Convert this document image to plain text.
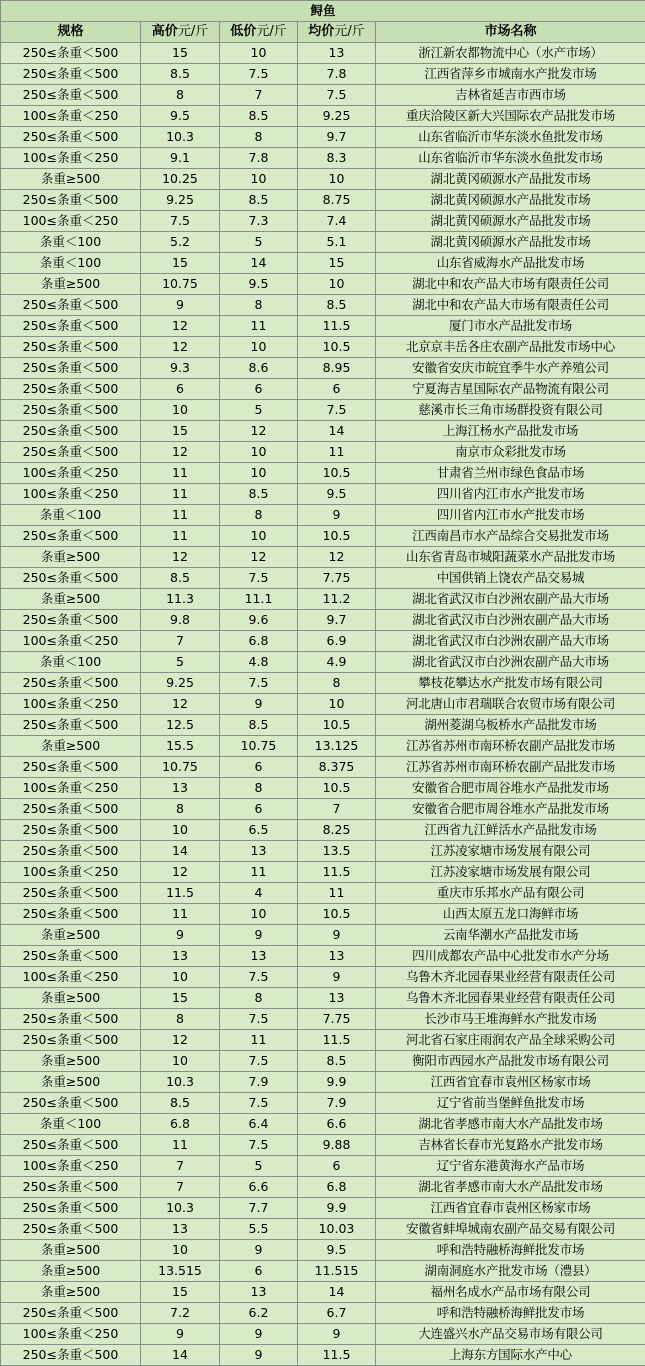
鲟鱼				
规格	高价元/斤	低价元/斤	均价元/斤	市场名称
250≤条重＜500	15	10	13	浙江新农都物流中心（水产市场）
250≤条重＜500	8.5	7.5	7.8	江西省萍乡市城南水产批发市场
250≤条重＜500	8	7	7.5	吉林省延吉市西市场
100≤条重＜250	9.5	8.5	9.25	重庆洽陵区新大兴国际农产品批发市场
250≤条重＜500	10.3	8	9.7	山东省临沂市华东淡水鱼批发市场
100≤条重＜250	9.1	7.8	8.3	山东省临沂市华东淡水鱼批发市场
条重≥500	10.25	10	10	湖北黄冈硕源水产品批发市场
250≤条重＜500	9.25	8.5	8.75	湖北黄冈硕源水产品批发市场
100≤条重＜250	7.5	7.3	7.4	湖北黄冈硕源水产品批发市场
条重＜100	5.2	5	5.1	湖北黄冈硕源水产品批发市场
条重＜100	15	14	15	山东省威海水产品批发市场
条重≥500	10.75	9.5	10	湖北中和农产品大市场有限责任公司
250≤条重＜500	9	8	8.5	湖北中和农产品大市场有限责任公司
250≤条重＜500	12	11	11.5	厦门市水产品批发市场
250≤条重＜500	12	10	10.5	北京京丰岳各庄农副产品批发市场中心
250≤条重＜500	9.3	8.6	8.95	安徽省安庆市皖宜季牛水产养殖公司
250≤条重＜500	6	6	6	宁夏海吉星国际农产品物流有限公司
250≤条重＜500	10	5	7.5	慈溪市长三角市场群投资有限公司
250≤条重＜500	15	12	14	上海江杨水产品批发市场
250≤条重＜500	12	10	11	南京市众彩批发市场
100≤条重＜250	11	10	10.5	甘肃省兰州市绿色食品市场
100≤条重＜250	11	8.5	9.5	四川省内江市水产批发市场
条重＜100	11	8	9	四川省内江市水产批发市场
250≤条重＜500	11	10	10.5	江西南昌市水产品综合交易批发市场
条重≥500	12	12	12	山东省青岛市城阳蔬菜水产品批发市场
250≤条重＜500	8.5	7.5	7.75	中国供销上饶农产品交易城
条重≥500	11.3	11.1	11.2	湖北省武汉市白沙洲农副产品大市场
250≤条重＜500	9.8	9.6	9.7	湖北省武汉市白沙洲农副产品大市场
100≤条重＜250	7	6.8	6.9	湖北省武汉市白沙洲农副产品大市场
条重＜100	5	4.8	4.9	湖北省武汉市白沙洲农副产品大市场
250≤条重＜500	9.25	7.5	8	攀枝花攀达水产批发市场有限公司
100≤条重＜250	12	9	10	河北唐山市君瑞联合农贸市场有限公司
250≤条重＜500	12.5	8.5	10.5	湖州菱湖乌板桥水产品批发市场
条重≥500	15.5	10.75	13.125	江苏省苏州市南环桥农副产品批发市场
250≤条重＜500	10.75	6	8.375	江苏省苏州市南环桥农副产品批发市场
100≤条重＜250	13	8	10.5	安徽省合肥市周谷堆水产品批发市场
250≤条重＜500	8	6	7	安徽省合肥市周谷堆水产品批发市场
250≤条重＜500	10	6.5	8.25	江西省九江鲜活水产品批发市场
250≤条重＜500	14	13	13.5	江苏凌家塘市场发展有限公司
100≤条重＜250	12	11	11.5	江苏凌家塘市场发展有限公司
250≤条重＜500	11.5	4	11	重庆市乐邦水产品有限公司
250≤条重＜500	11	10	10.5	山西太原五龙口海鲜市场
条重≥500	9	9	9	云南华潮水产品批发市场
250≤条重＜500	13	13	13	四川成都农产品中心批发市水产分场
100≤条重＜250	10	7.5	9	乌鲁木齐北园春果业经营有限责任公司
条重≥500	15	8	13	乌鲁木齐北园春果业经营有限责任公司
250≤条重＜500	8	7.5	7.75	长沙市马王堆海鲜水产批发市场
250≤条重＜500	12	11	11.5	河北省石家庄雨润农产品全球采购公司
条重≥500	10	7.5	8.5	衡阳市西园水产品批发市场有限公司
条重≥500	10.3	7.9	9.9	江西省宜春市袁州区杨家市场
250≤条重＜500	8.5	7.5	7.9	辽宁省前当堡鲜鱼批发市场
条重＜100	6.8	6.4	6.6	湖北省孝感市南大水产品批发市场
250≤条重＜500	11	7.5	9.88	吉林省长春市光复路水产批发市场
100≤条重＜250	7	5	6	辽宁省东港黄海水产品市场
250≤条重＜500	7	6.6	6.8	湖北省孝感市南大水产品批发市场
250≤条重＜500	10.3	7.7	9.9	江西省宜春市袁州区杨家市场
250≤条重＜500	13	5.5	10.03	安徽省蚌埠城南农副产品交易有限公司
条重≥500	10	9	9.5	呼和浩特融桥海鲜批发市场
条重≥500	13.515	6	11.515	湖南洞庭水产批发市场（澧县）
条重≥500	15	13	14	福州名成水产品市场有限公司
250≤条重＜500	7.2	6.2	6.7	呼和浩特融桥海鲜批发市场
100≤条重＜250	9	9	9	大连盛兴水产品交易市场有限公司
250≤条重＜500	14	9	11.5	上海东方国际水产中心
